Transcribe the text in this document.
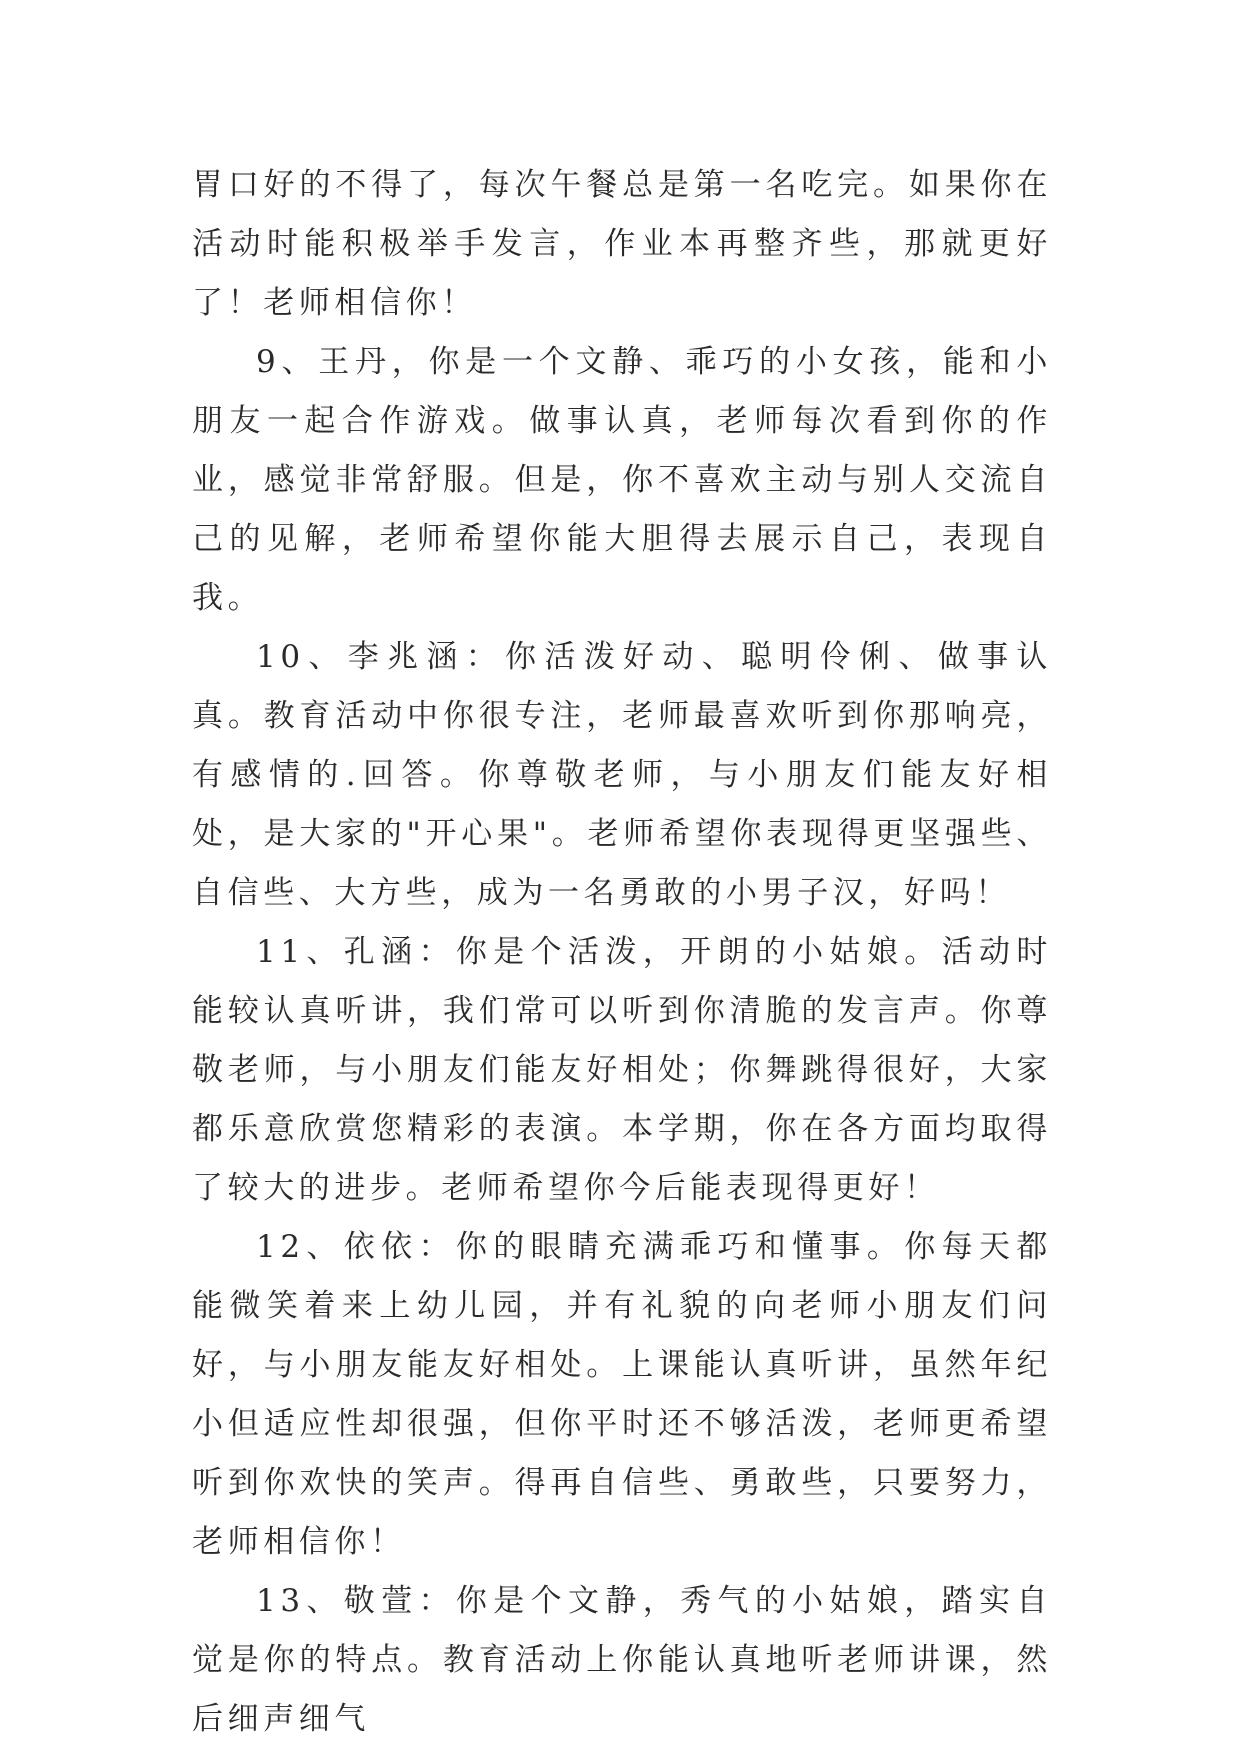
胃口好的不得了，每次午餐总是第一名吃完。如果你在活动时能积极举手发言，作业本再整齐些，那就更好了！老师相信你！

9、王丹，你是一个文静、乖巧的小女孩，能和小朋友一起合作游戏。做事认真，老师每次看到你的作业，感觉非常舒服。但是，你不喜欢主动与别人交流自己的见解，老师希望你能大胆得去展示自己，表现自我。

10、李兆涵：你活泼好动、聪明伶俐、做事认真。教育活动中你很专注，老师最喜欢听到你那响亮，有感情的.回答。你尊敬老师，与小朋友们能友好相处，是大家的"开心果"。老师希望你表现得更坚强些、自信些、大方些，成为一名勇敢的小男子汉，好吗！

11、孔涵：你是个活泼，开朗的小姑娘。活动时能较认真听讲，我们常可以听到你清脆的发言声。你尊敬老师，与小朋友们能友好相处；你舞跳得很好，大家都乐意欣赏您精彩的表演。本学期，你在各方面均取得了较大的进步。老师希望你今后能表现得更好！

12、依依：你的眼睛充满乖巧和懂事。你每天都能微笑着来上幼儿园，并有礼貌的向老师小朋友们问好，与小朋友能友好相处。上课能认真听讲，虽然年纪小但适应性却很强，但你平时还不够活泼，老师更希望听到你欢快的笑声。得再自信些、勇敢些，只要努力，老师相信你！

13、敬萱：你是个文静，秀气的小姑娘，踏实自觉是你的特点。教育活动上你能认真地听老师讲课，然后细声细气
